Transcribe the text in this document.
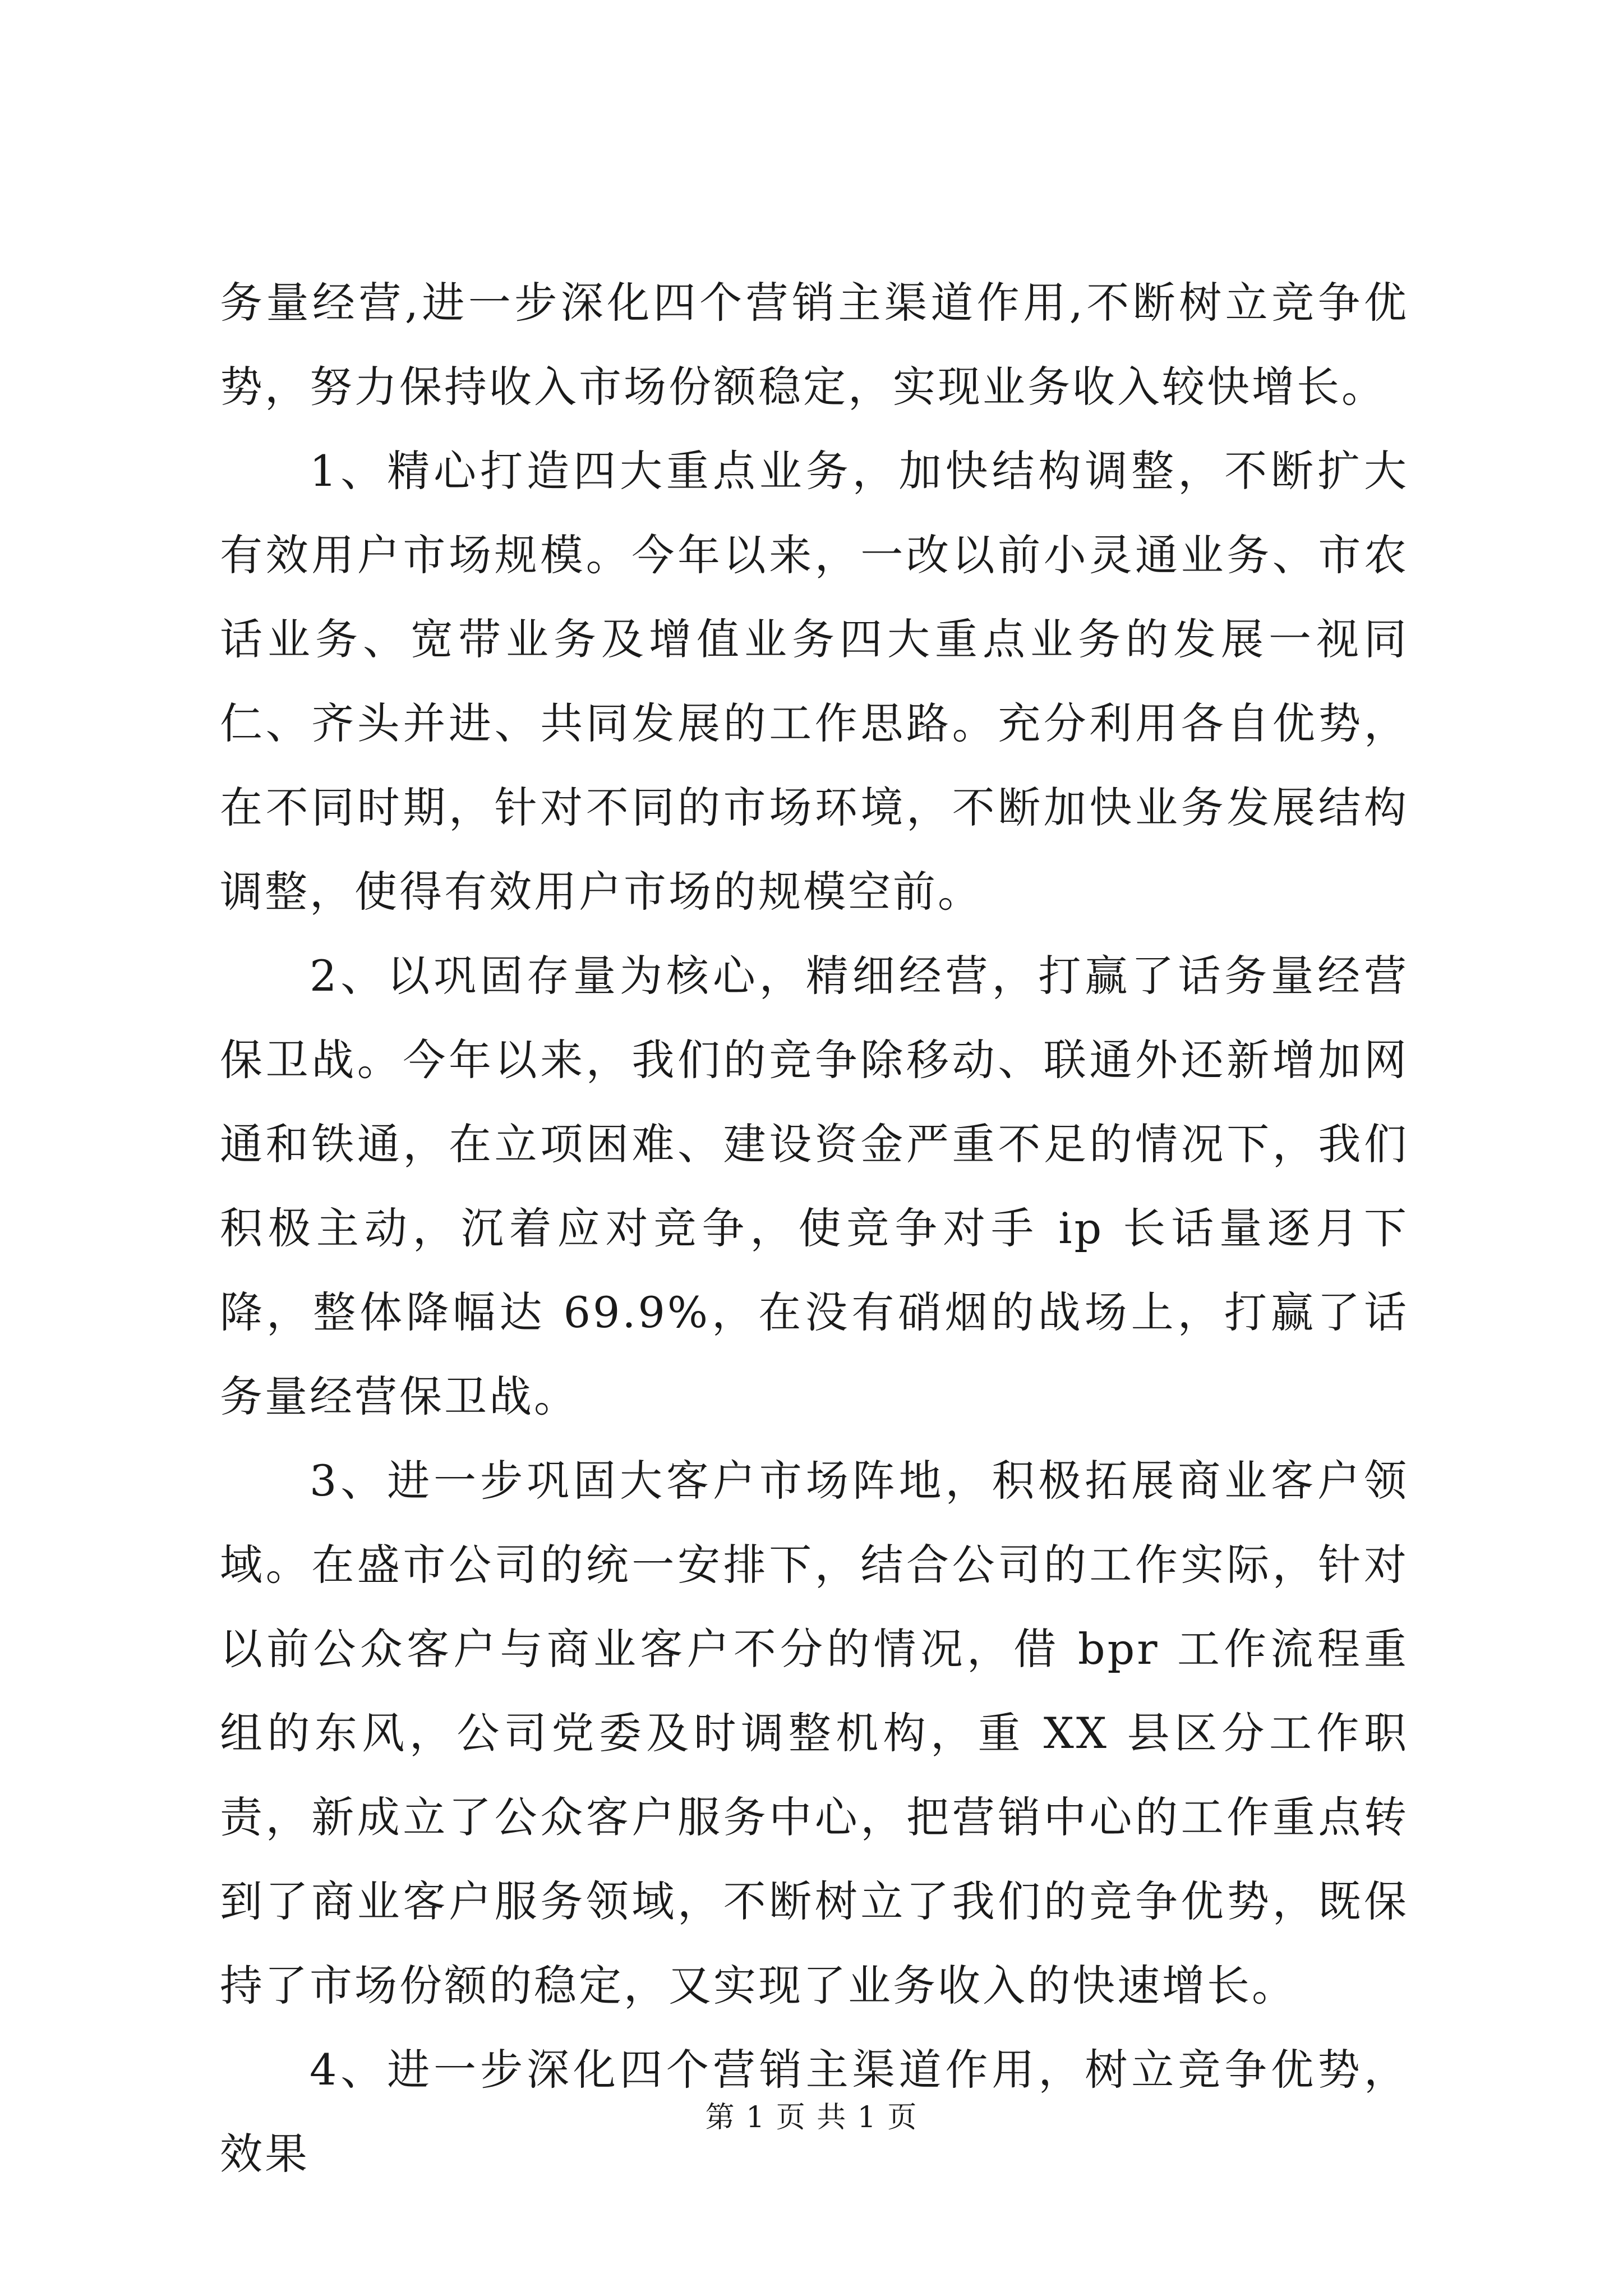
务量经营,进一步深化四个营销主渠道作用,不断树立竞争优势，努力保持收入市场份额稳定，实现业务收入较快增长。

1、精心打造四大重点业务，加快结构调整，不断扩大有效用户市场规模。今年以来，一改以前小灵通业务、市农话业务、宽带业务及增值业务四大重点业务的发展一视同仁、齐头并进、共同发展的工作思路。充分利用各自优势，在不同时期，针对不同的市场环境，不断加快业务发展结构调整，使得有效用户市场的规模空前。

2、以巩固存量为核心，精细经营，打赢了话务量经营保卫战。今年以来，我们的竞争除移动、联通外还新增加网通和铁通，在立项困难、建设资金严重不足的情况下，我们积极主动，沉着应对竞争，使竞争对手 ip 长话量逐月下降，整体降幅达 69.9%，在没有硝烟的战场上，打赢了话务量经营保卫战。

3、进一步巩固大客户市场阵地，积极拓展商业客户领域。在盛市公司的统一安排下，结合公司的工作实际，针对以前公众客户与商业客户不分的情况，借 bpr 工作流程重组的东风，公司党委及时调整机构，重 XX 县区分工作职责，新成立了公众客户服务中心，把营销中心的工作重点转到了商业客户服务领域，不断树立了我们的竞争优势，既保持了市场份额的稳定，又实现了业务收入的快速增长。

4、进一步深化四个营销主渠道作用，树立竞争优势，效果

第 1 页 共 1 页
